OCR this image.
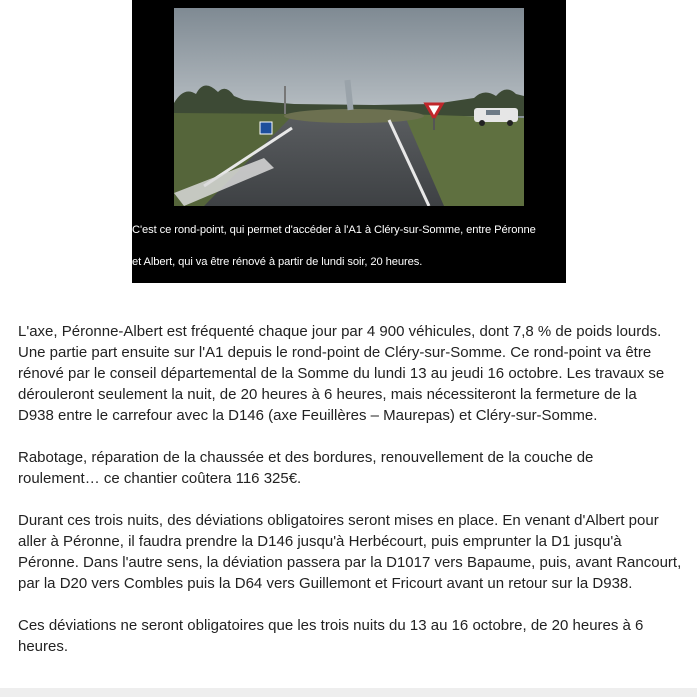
C'est ce rond-point, qui permet d'accéder à l'A1 à Cléry-sur-Somme, entre Péronne
et Albert, qui va être rénové à partir de lundi soir, 20 heures.

L'axe, Péronne-Albert est fréquenté chaque jour par 4 900 véhicules, dont 7,8 % de poids lourds.
Une partie part ensuite sur l'A1 depuis le rond-point de Cléry-sur-Somme. Ce rond-point va être
rénové par le conseil départemental de la Somme du lundi 13 au jeudi 16 octobre. Les travaux se
dérouleront seulement la nuit, de 20 heures à 6 heures, mais nécessiteront la fermeture de la
D938 entre le carrefour avec la D146 (axe Feuillères – Maurepas) et Cléry-sur-Somme.

Rabotage, réparation de la chaussée et des bordures, renouvellement de la couche de
roulement… ce chantier coûtera 116 325€.

Durant ces trois nuits, des déviations obligatoires seront mises en place. En venant d'Albert pour
aller à Péronne, il faudra prendre la D146 jusqu'à Herbécourt, puis emprunter la D1 jusqu'à
Péronne. Dans l'autre sens, la déviation passera par la D1017 vers Bapaume, puis, avant Rancourt,
par la D20 vers Combles puis la D64 vers Guillemont et Fricourt avant un retour sur la D938.

Ces déviations ne seront obligatoires que les trois nuits du 13 au 16 octobre, de 20 heures à 6
heures.
